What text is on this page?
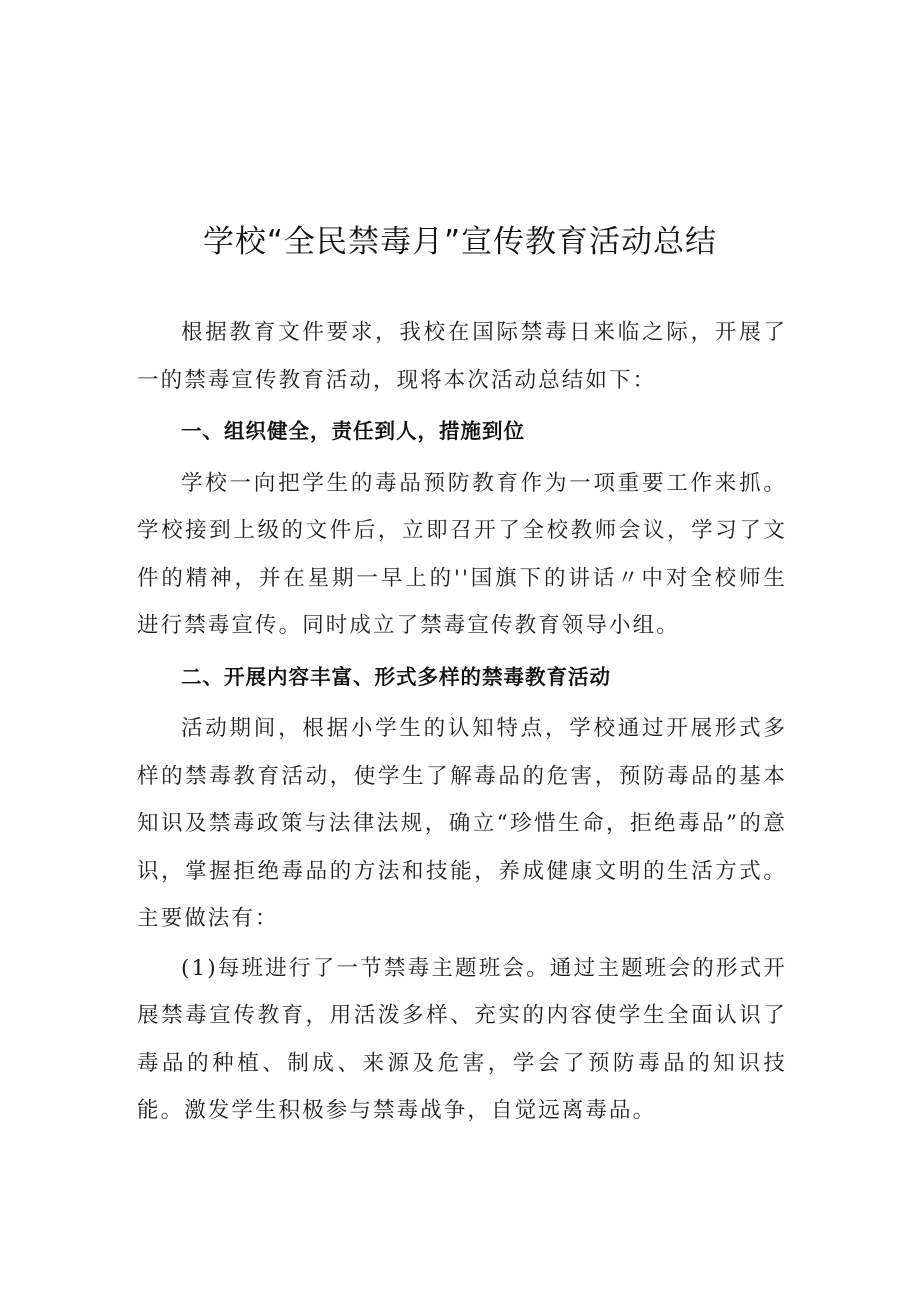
学校“全民禁毒月”宣传教育活动总结

根据教育文件要求，我校在国际禁毒日来临之际，开展了一的禁毒宣传教育活动，现将本次活动总结如下：

一、组织健全，责任到人，措施到位

学校一向把学生的毒品预防教育作为一项重要工作来抓。学校接到上级的文件后，立即召开了全校教师会议，学习了文件的精神，并在星期一早上的''国旗下的讲话〃中对全校师生进行禁毒宣传。同时成立了禁毒宣传教育领导小组。

二、开展内容丰富、形式多样的禁毒教育活动

活动期间，根据小学生的认知特点，学校通过开展形式多样的禁毒教育活动，使学生了解毒品的危害，预防毒品的基本知识及禁毒政策与法律法规，确立“珍惜生命，拒绝毒品”的意识，掌握拒绝毒品的方法和技能，养成健康文明的生活方式。主要做法有：

(1)每班进行了一节禁毒主题班会。通过主题班会的形式开展禁毒宣传教育，用活泼多样、充实的内容使学生全面认识了毒品的种植、制成、来源及危害，学会了预防毒品的知识技能。激发学生积极参与禁毒战争，自觉远离毒品。
